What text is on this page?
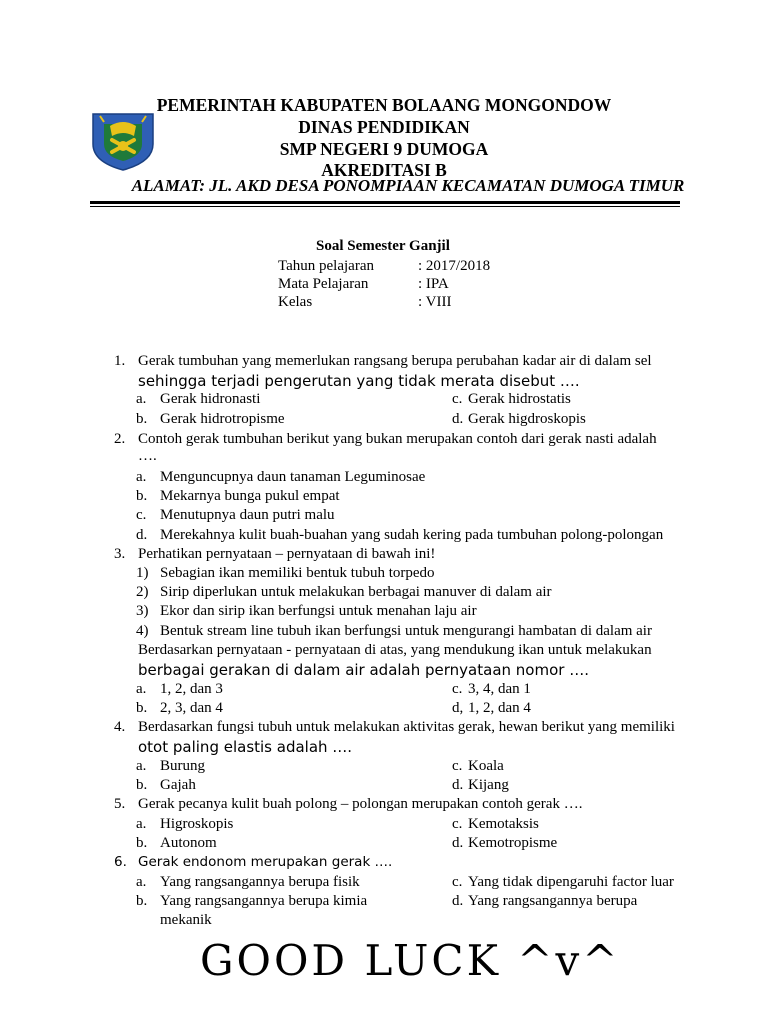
PEMERINTAH KABUPATEN BOLAANG MONGONDOW
DINAS PENDIDIKAN
SMP NEGERI 9 DUMOGA
AKREDITASI B
ALAMAT: JL. AKD DESA PONOMPIAAN KECAMATAN DUMOGA TIMUR
Soal Semester Ganjil
Tahun pelajaran	: 2017/2018
Mata Pelajaran	: IPA
Kelas	: VIII
1. Gerak tumbuhan yang memerlukan rangsang berupa perubahan kadar air di dalam sel
sehingga terjadi pengerutan yang tidak merata disebut ….
a. Gerak hidronasti
b. Gerak hidrotropisme
c. Gerak hidrostatis
d. Gerak higdroskopis
2. Contoh gerak tumbuhan berikut yang bukan merupakan contoh dari gerak nasti adalah
….
a. Menguncupnya daun tanaman Leguminosae
b. Mekarnya bunga pukul empat
c. Menutupnya daun putri malu
d. Merekahnya kulit buah-buahan yang sudah kering pada tumbuhan polong-polongan
3. Perhatikan pernyataan – pernyataan di bawah ini!
1) Sebagian ikan memiliki bentuk tubuh torpedo
2) Sirip diperlukan untuk melakukan berbagai manuver di dalam air
3) Ekor dan sirip ikan berfungsi untuk menahan laju air
4) Bentuk stream line tubuh ikan berfungsi untuk mengurangi hambatan di dalam air
Berdasarkan pernyataan - pernyataan di atas, yang mendukung ikan untuk melakukan
berbagai gerakan di dalam air adalah pernyataan nomor ….
a. 1, 2, dan 3
b. 2, 3, dan 4
c. 3, 4, dan 1
d, 1, 2, dan 4
4. Berdasarkan fungsi tubuh untuk melakukan aktivitas gerak, hewan berikut yang memiliki
otot paling elastis adalah ….
a. Burung
b. Gajah
c. Koala
d. Kijang
5. Gerak pecanya kulit buah polong – polongan merupakan contoh gerak ….
a. Higroskopis
b. Autonom
c. Kemotaksis
d. Kemotropisme
6. Gerak endonom merupakan gerak ….
a. Yang rangsangannya berupa fisik
b. Yang rangsangannya berupa kimia
mekanik
c. Yang tidak dipengaruhi factor luar
d. Yang rangsangannya berupa
GOOD LUCK ^v^
